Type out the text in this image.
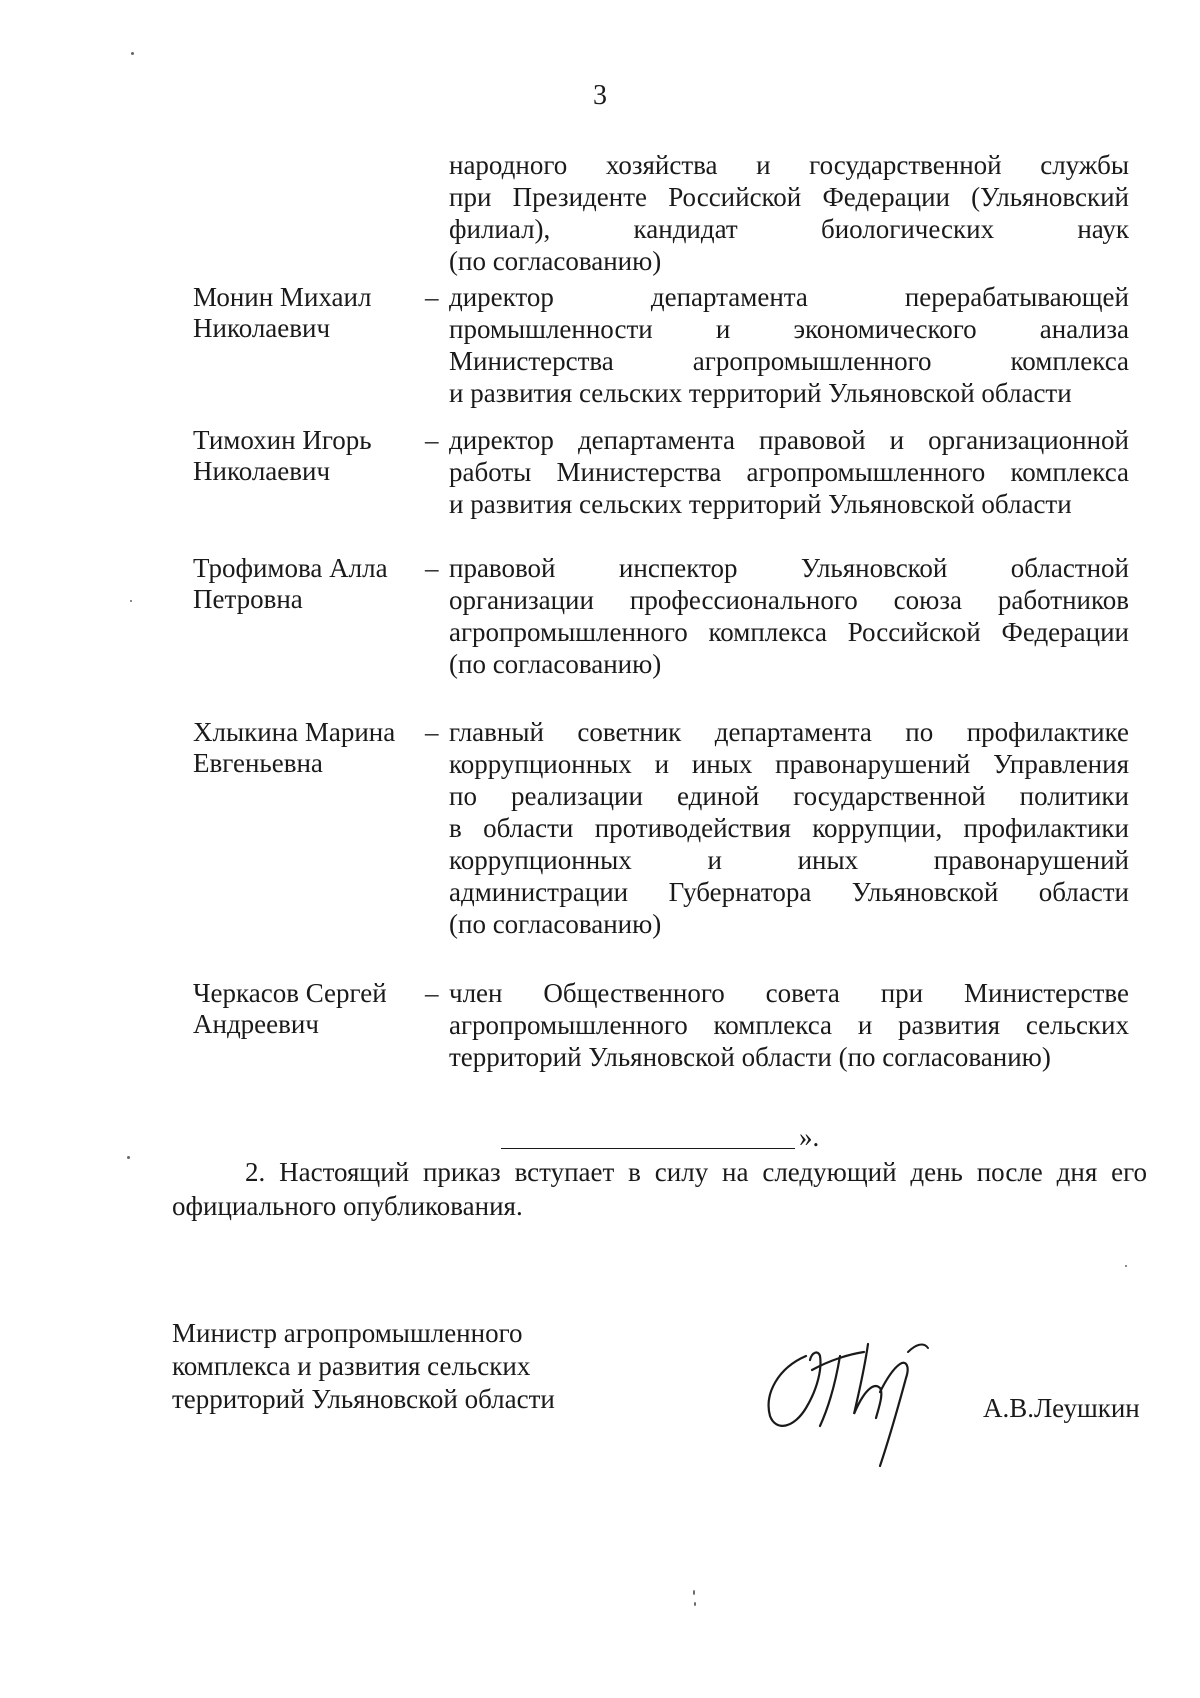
3
народного хозяйства и государственной службы
при Президенте Российской Федерации (Ульяновский
филиал), кандидат биологических наук
(по согласованию)
Монин Михаил
Николаевич
– директор департамента перерабатывающей
промышленности и экономического анализа
Министерства агропромышленного комплекса
и развития сельских территорий Ульяновской области
Тимохин Игорь
Николаевич
– директор департамента правовой и организационной
работы Министерства агропромышленного комплекса
и развития сельских территорий Ульяновской области
Трофимова Алла
Петровна
– правовой инспектор Ульяновской областной
организации профессионального союза работников
агропромышленного комплекса Российской Федерации
(по согласованию)
Хлыкина Марина
Евгеньевна
– главный советник департамента по профилактике
коррупционных и иных правонарушений Управления
по реализации единой государственной политики
в области противодействия коррупции, профилактики
коррупционных и иных правонарушений
администрации Губернатора Ульяновской области
(по согласованию)
Черкасов Сергей
Андреевич
– член Общественного совета при Министерстве
агропромышленного комплекса и развития сельских
территорий Ульяновской области (по согласованию)
».
2. Настоящий приказ вступает в силу на следующий день после дня его
официального опубликования.
Министр агропромышленного
комплекса и развития сельских
территорий Ульяновской области	А.В.Леушкин
